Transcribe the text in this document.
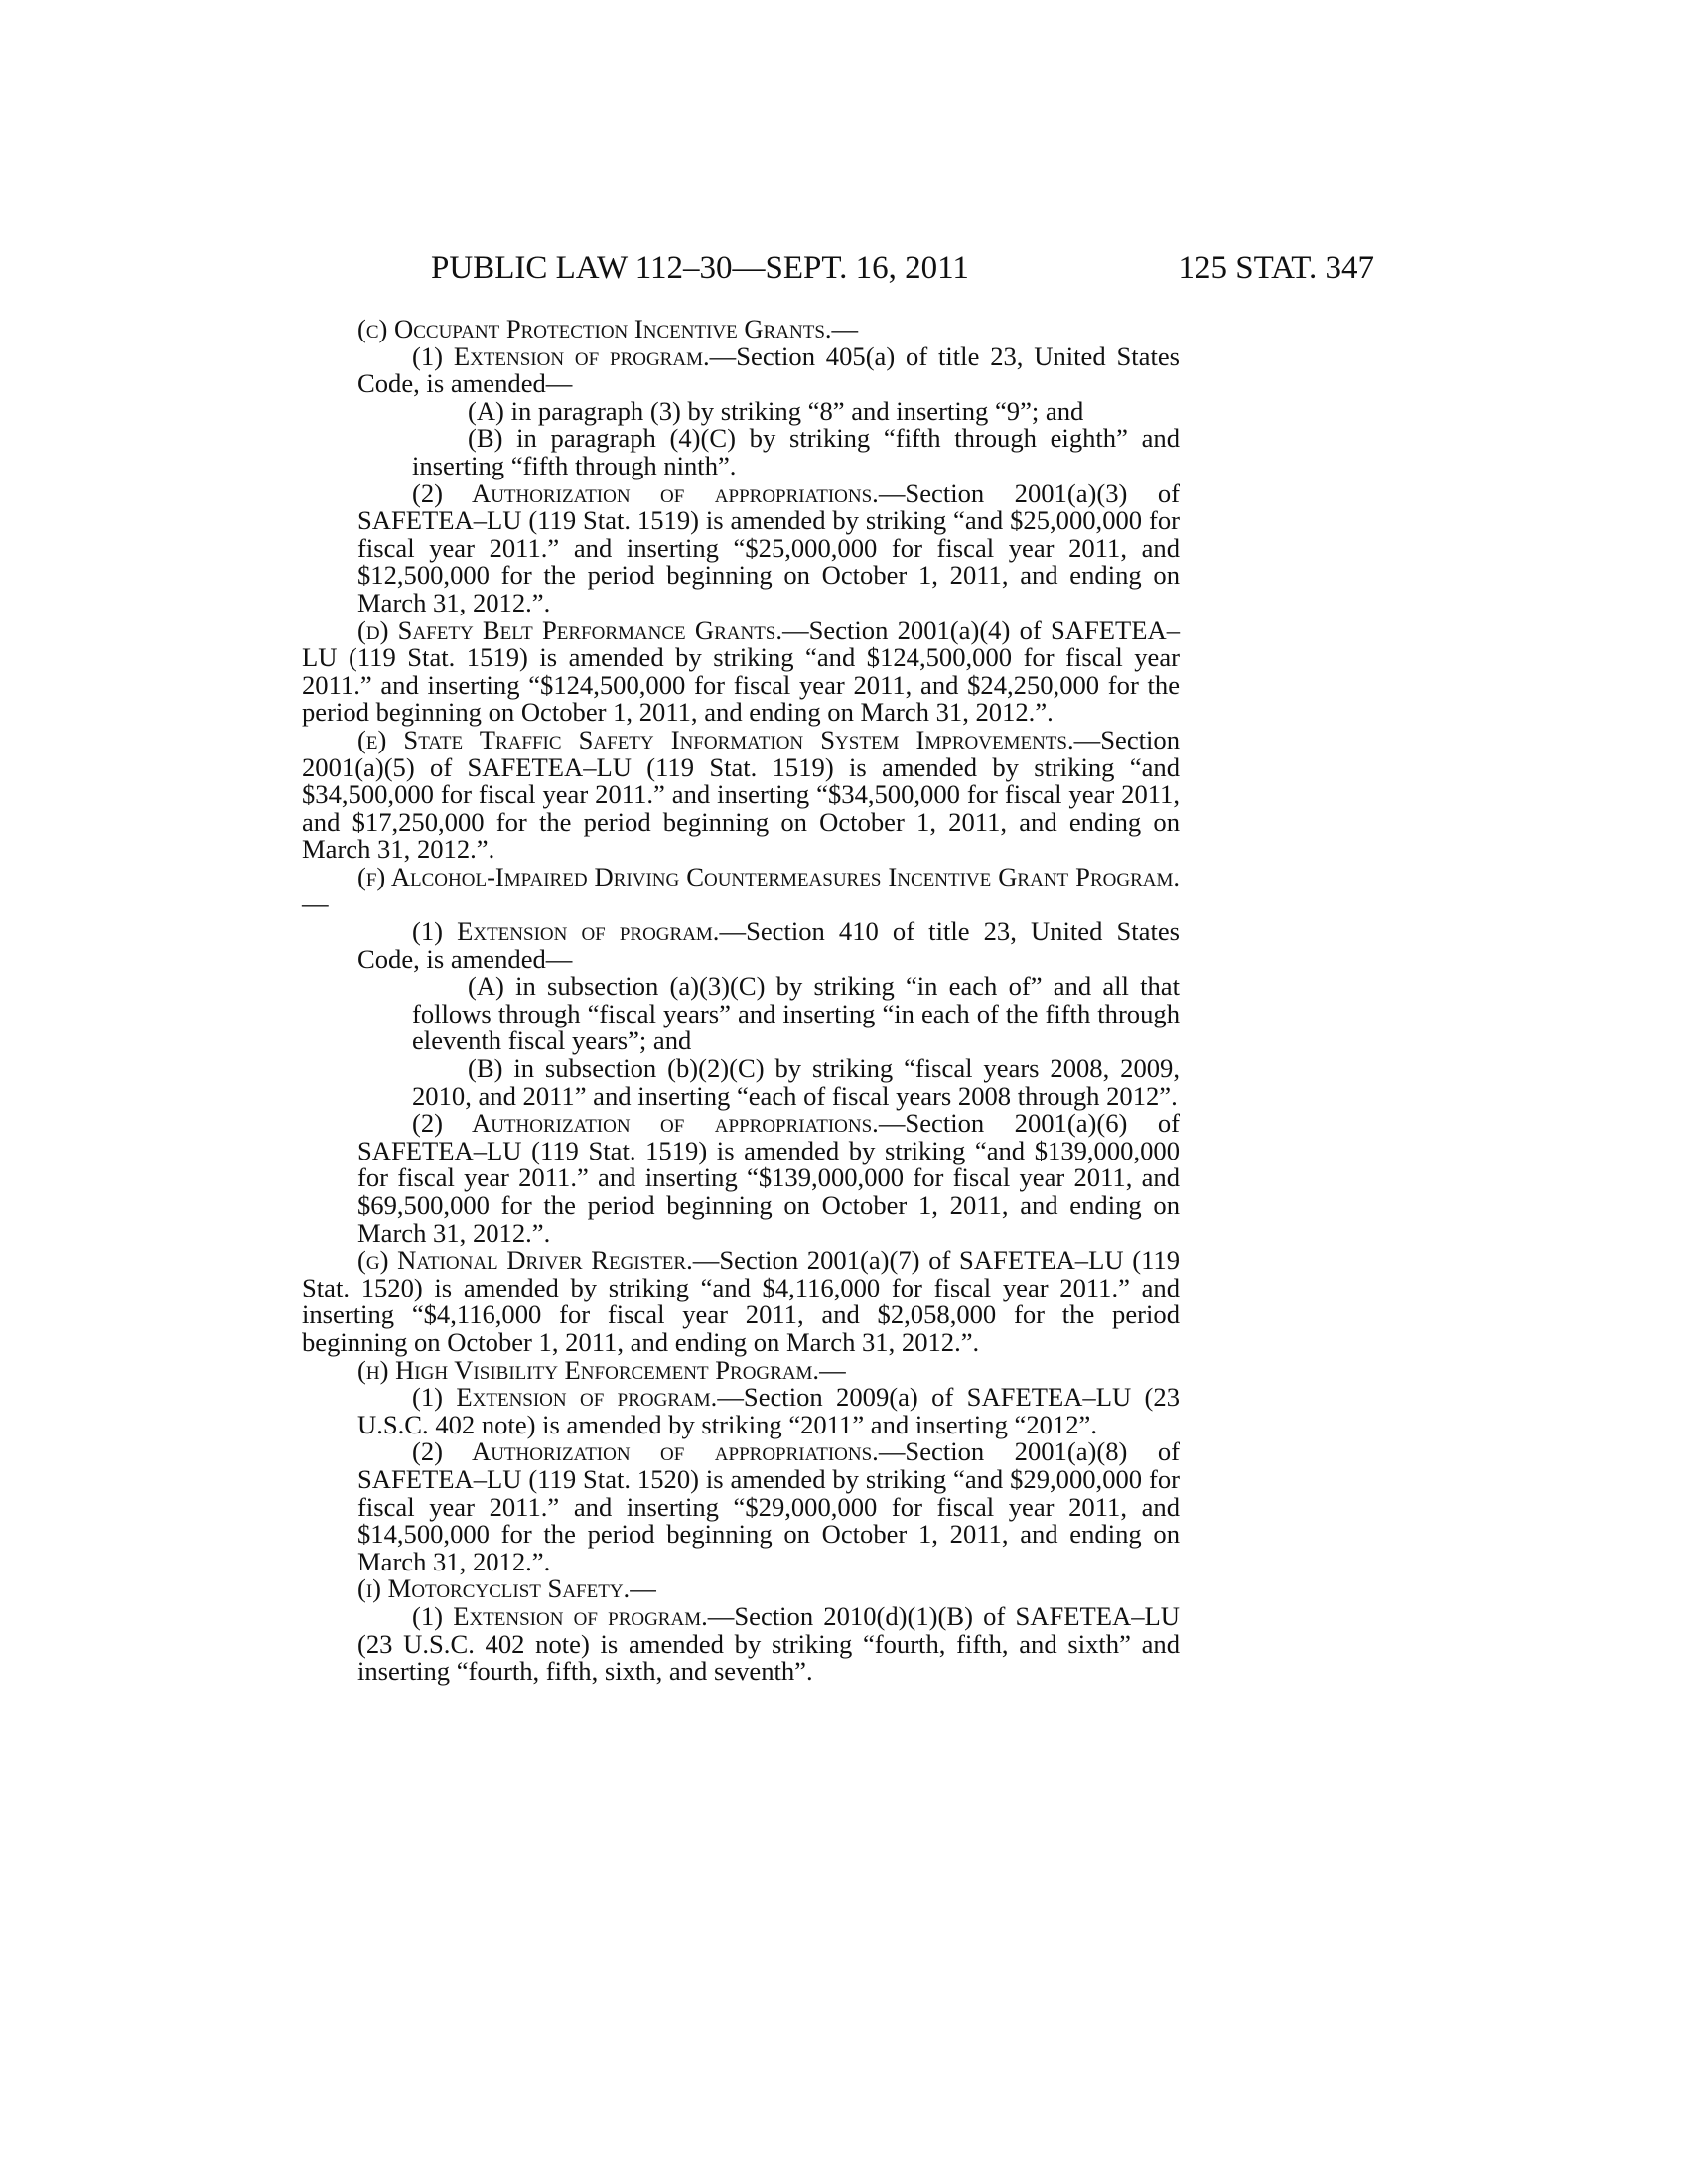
PUBLIC LAW 112–30—SEPT. 16, 2011	125 STAT. 347

(c) Occupant Protection Incentive Grants.—

(1) Extension of program.—Section 405(a) of title 23, United States Code, is amended—

(A) in paragraph (3) by striking “8” and inserting “9”; and

(B) in paragraph (4)(C) by striking “fifth through eighth” and inserting “fifth through ninth”.

(2) Authorization of appropriations.—Section 2001(a)(3) of SAFETEA–LU (119 Stat. 1519) is amended by striking “and $25,000,000 for fiscal year 2011.” and inserting “$25,000,000 for fiscal year 2011, and $12,500,000 for the period beginning on October 1, 2011, and ending on March 31, 2012.”.

(d) Safety Belt Performance Grants.—Section 2001(a)(4) of SAFETEA–LU (119 Stat. 1519) is amended by striking “and $124,500,000 for fiscal year 2011.” and inserting “$124,500,000 for fiscal year 2011, and $24,250,000 for the period beginning on October 1, 2011, and ending on March 31, 2012.”.

(e) State Traffic Safety Information System Improvements.—Section 2001(a)(5) of SAFETEA–LU (119 Stat. 1519) is amended by striking “and $34,500,000 for fiscal year 2011.” and inserting “$34,500,000 for fiscal year 2011, and $17,250,000 for the period beginning on October 1, 2011, and ending on March 31, 2012.”.

(f) Alcohol-Impaired Driving Countermeasures Incentive Grant Program.—

(1) Extension of program.—Section 410 of title 23, United States Code, is amended—

(A) in subsection (a)(3)(C) by striking “in each of” and all that follows through “fiscal years” and inserting “in each of the fifth through eleventh fiscal years”; and

(B) in subsection (b)(2)(C) by striking “fiscal years 2008, 2009, 2010, and 2011” and inserting “each of fiscal years 2008 through 2012”.

(2) Authorization of appropriations.—Section 2001(a)(6) of SAFETEA–LU (119 Stat. 1519) is amended by striking “and $139,000,000 for fiscal year 2011.” and inserting “$139,000,000 for fiscal year 2011, and $69,500,000 for the period beginning on October 1, 2011, and ending on March 31, 2012.”.

(g) National Driver Register.—Section 2001(a)(7) of SAFETEA–LU (119 Stat. 1520) is amended by striking “and $4,116,000 for fiscal year 2011.” and inserting “$4,116,000 for fiscal year 2011, and $2,058,000 for the period beginning on October 1, 2011, and ending on March 31, 2012.”.

(h) High Visibility Enforcement Program.—

(1) Extension of program.—Section 2009(a) of SAFETEA–LU (23 U.S.C. 402 note) is amended by striking “2011” and inserting “2012”.

(2) Authorization of appropriations.—Section 2001(a)(8) of SAFETEA–LU (119 Stat. 1520) is amended by striking “and $29,000,000 for fiscal year 2011.” and inserting “$29,000,000 for fiscal year 2011, and $14,500,000 for the period beginning on October 1, 2011, and ending on March 31, 2012.”.

(i) Motorcyclist Safety.—

(1) Extension of program.—Section 2010(d)(1)(B) of SAFETEA–LU (23 U.S.C. 402 note) is amended by striking “fourth, fifth, and sixth” and inserting “fourth, fifth, sixth, and seventh”.
